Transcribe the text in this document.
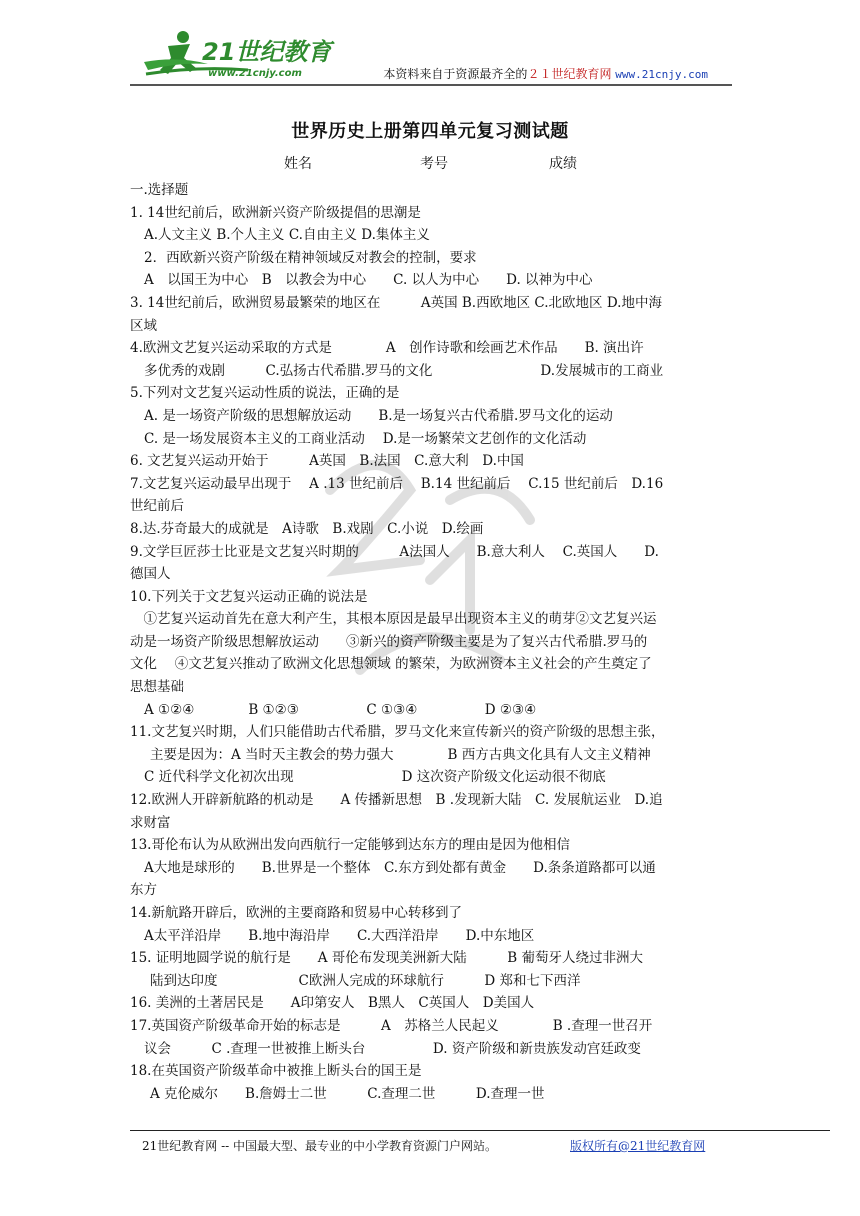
21世纪教育
www.21cnjy.com	本资料来自于资源最齐全的２１世纪教育网 www.21cnjy.com
世界历史上册第四单元复习测试题
姓名	考号	成绩
一.选择题
1. 14世纪前后，欧洲新兴资产阶级提倡的思潮是
A.人文主义 B.个人主义 C.自由主义 D.集体主义
2．西欧新兴资产阶级在精神领域反对教会的控制，要求
A　以国王为中心　B　以教会为中心　　C. 以人为中心　　D. 以神为中心
3. 14世纪前后，欧洲贸易最繁荣的地区在　　　A英国 B.西欧地区 C.北欧地区 D.地中海
区域
4.欧洲文艺复兴运动采取的方式是　　　　A　创作诗歌和绘画艺术作品　　B. 演出许
多优秀的戏剧　　　C.弘扬古代希腊.罗马的文化　　　　　　　　D.发展城市的工商业
5.下列对文艺复兴运动性质的说法，正确的是
A. 是一场资产阶级的思想解放运动　　B.是一场复兴古代希腊.罗马文化的运动
C. 是一场发展资本主义的工商业活动　 D.是一场繁荣文艺创作的文化活动
6. 文艺复兴运动开始于　　　A英国　B.法国　C.意大利　D.中国
7.文艺复兴运动最早出现于　 A .13 世纪前后　 B.14 世纪前后　 C.15 世纪前后　D.16
世纪前后
8.达.芬奇最大的成就是　A诗歌　B.戏剧　C.小说　D.绘画
9.文学巨匠莎士比亚是文艺复兴时期的　　　A法国人　　B.意大利人　 C.英国人　　D.
德国人
10.下列关于文艺复兴运动正确的说法是
　①艺复兴运动首先在意大利产生，其根本原因是最早出现资本主义的萌芽②文艺复兴运
动是一场资产阶级思想解放运动　　③新兴的资产阶级主要是为了复兴古代希腊.罗马的
文化　 ④文艺复兴推动了欧洲文化思想领域 的繁荣，为欧洲资本主义社会的产生奠定了
思想基础
A ①②④　　　　B ①②③　　　　　C ①③④　　　　　D ②③④
11.文艺复兴时期，人们只能借助古代希腊，罗马文化来宣传新兴的资产阶级的思想主张，
主要是因为：A 当时天主教会的势力强大　　　　B 西方古典文化具有人文主义精神
C 近代科学文化初次出现　　　　　　　　D 这次资产阶级文化运动很不彻底
12.欧洲人开辟新航路的机动是　　A 传播新思想　B .发现新大陆　C. 发展航运业　D.追
求财富
13.哥伦布认为从欧洲出发向西航行一定能够到达东方的理由是因为他相信
A大地是球形的　　B.世界是一个整体　C.东方到处都有黄金　　D.条条道路都可以通
东方
14.新航路开辟后，欧洲的主要商路和贸易中心转移到了
A太平洋沿岸　　B.地中海沿岸　　C.大西洋沿岸　　D.中东地区
15. 证明地圆学说的航行是　　A 哥伦布发现美洲新大陆　　　B 葡萄牙人绕过非洲大
陆到达印度　　　　　　C欧洲人完成的环球航行　　　D 郑和七下西洋
16. 美洲的土著居民是　　A印第安人　B黑人　C英国人　D美国人
17.英国资产阶级革命开始的标志是　　　A　苏格兰人民起义　　　　B .查理一世召开
议会　　　C .查理一世被推上断头台　　　　　D. 资产阶级和新贵族发动宫廷政变
18.在英国资产阶级革命中被推上断头台的国王是
A 克伦威尔　　B.詹姆士二世　　　C.查理二世　　　D.查理一世
21世纪教育网 -- 中国最大型、最专业的中小学教育资源门户网站。	版权所有@21世纪教育网
